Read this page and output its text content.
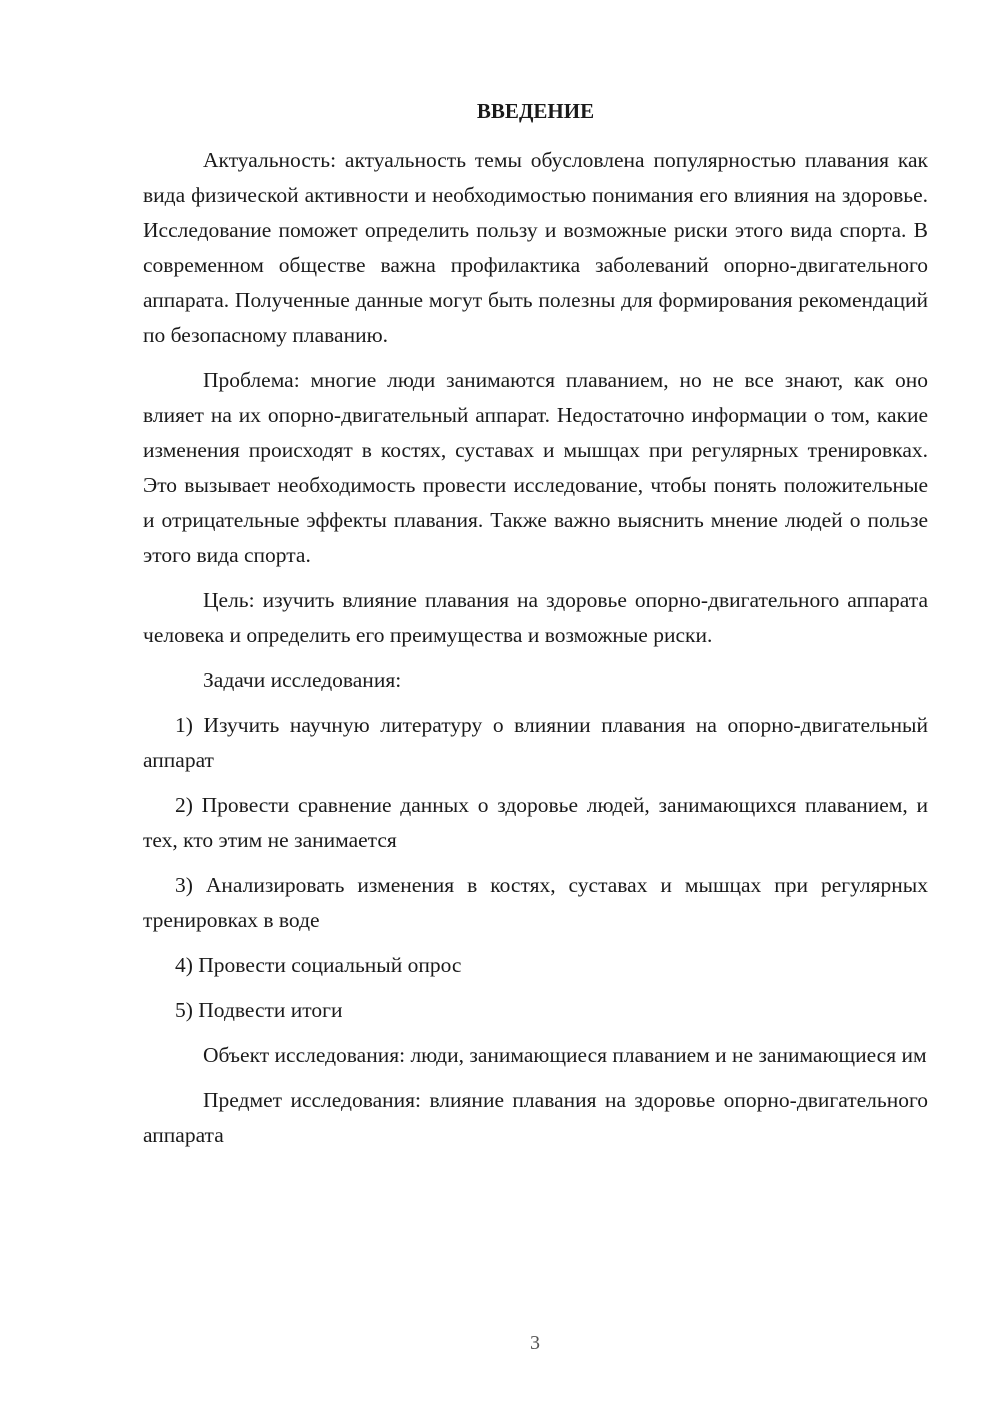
ВВЕДЕНИЕ

Актуальность: актуальность темы обусловлена популярностью плавания как вида физической активности и необходимостью понимания его влияния на здоровье. Исследование поможет определить пользу и возможные риски этого вида спорта. В современном обществе важна профилактика заболеваний опорно-двигательного аппарата. Полученные данные могут быть полезны для формирования рекомендаций по безопасному плаванию.

Проблема: многие люди занимаются плаванием, но не все знают, как оно влияет на их опорно-двигательный аппарат. Недостаточно информации о том, какие изменения происходят в костях, суставах и мышцах при регулярных тренировках. Это вызывает необходимость провести исследование, чтобы понять положительные и отрицательные эффекты плавания. Также важно выяснить мнение людей о пользе этого вида спорта.

Цель: изучить влияние плавания на здоровье опорно-двигательного аппарата человека и определить его преимущества и возможные риски.

Задачи исследования:

1) Изучить научную литературу о влиянии плавания на опорно-двигательный аппарат

2) Провести сравнение данных о здоровье людей, занимающихся плаванием, и тех, кто этим не занимается

3) Анализировать изменения в костях, суставах и мышцах при регулярных тренировках в воде

4) Провести социальный опрос

5) Подвести итоги

Объект исследования: люди, занимающиеся плаванием и не занимающиеся им

Предмет исследования: влияние плавания на здоровье опорно-двигательного аппарата

3
